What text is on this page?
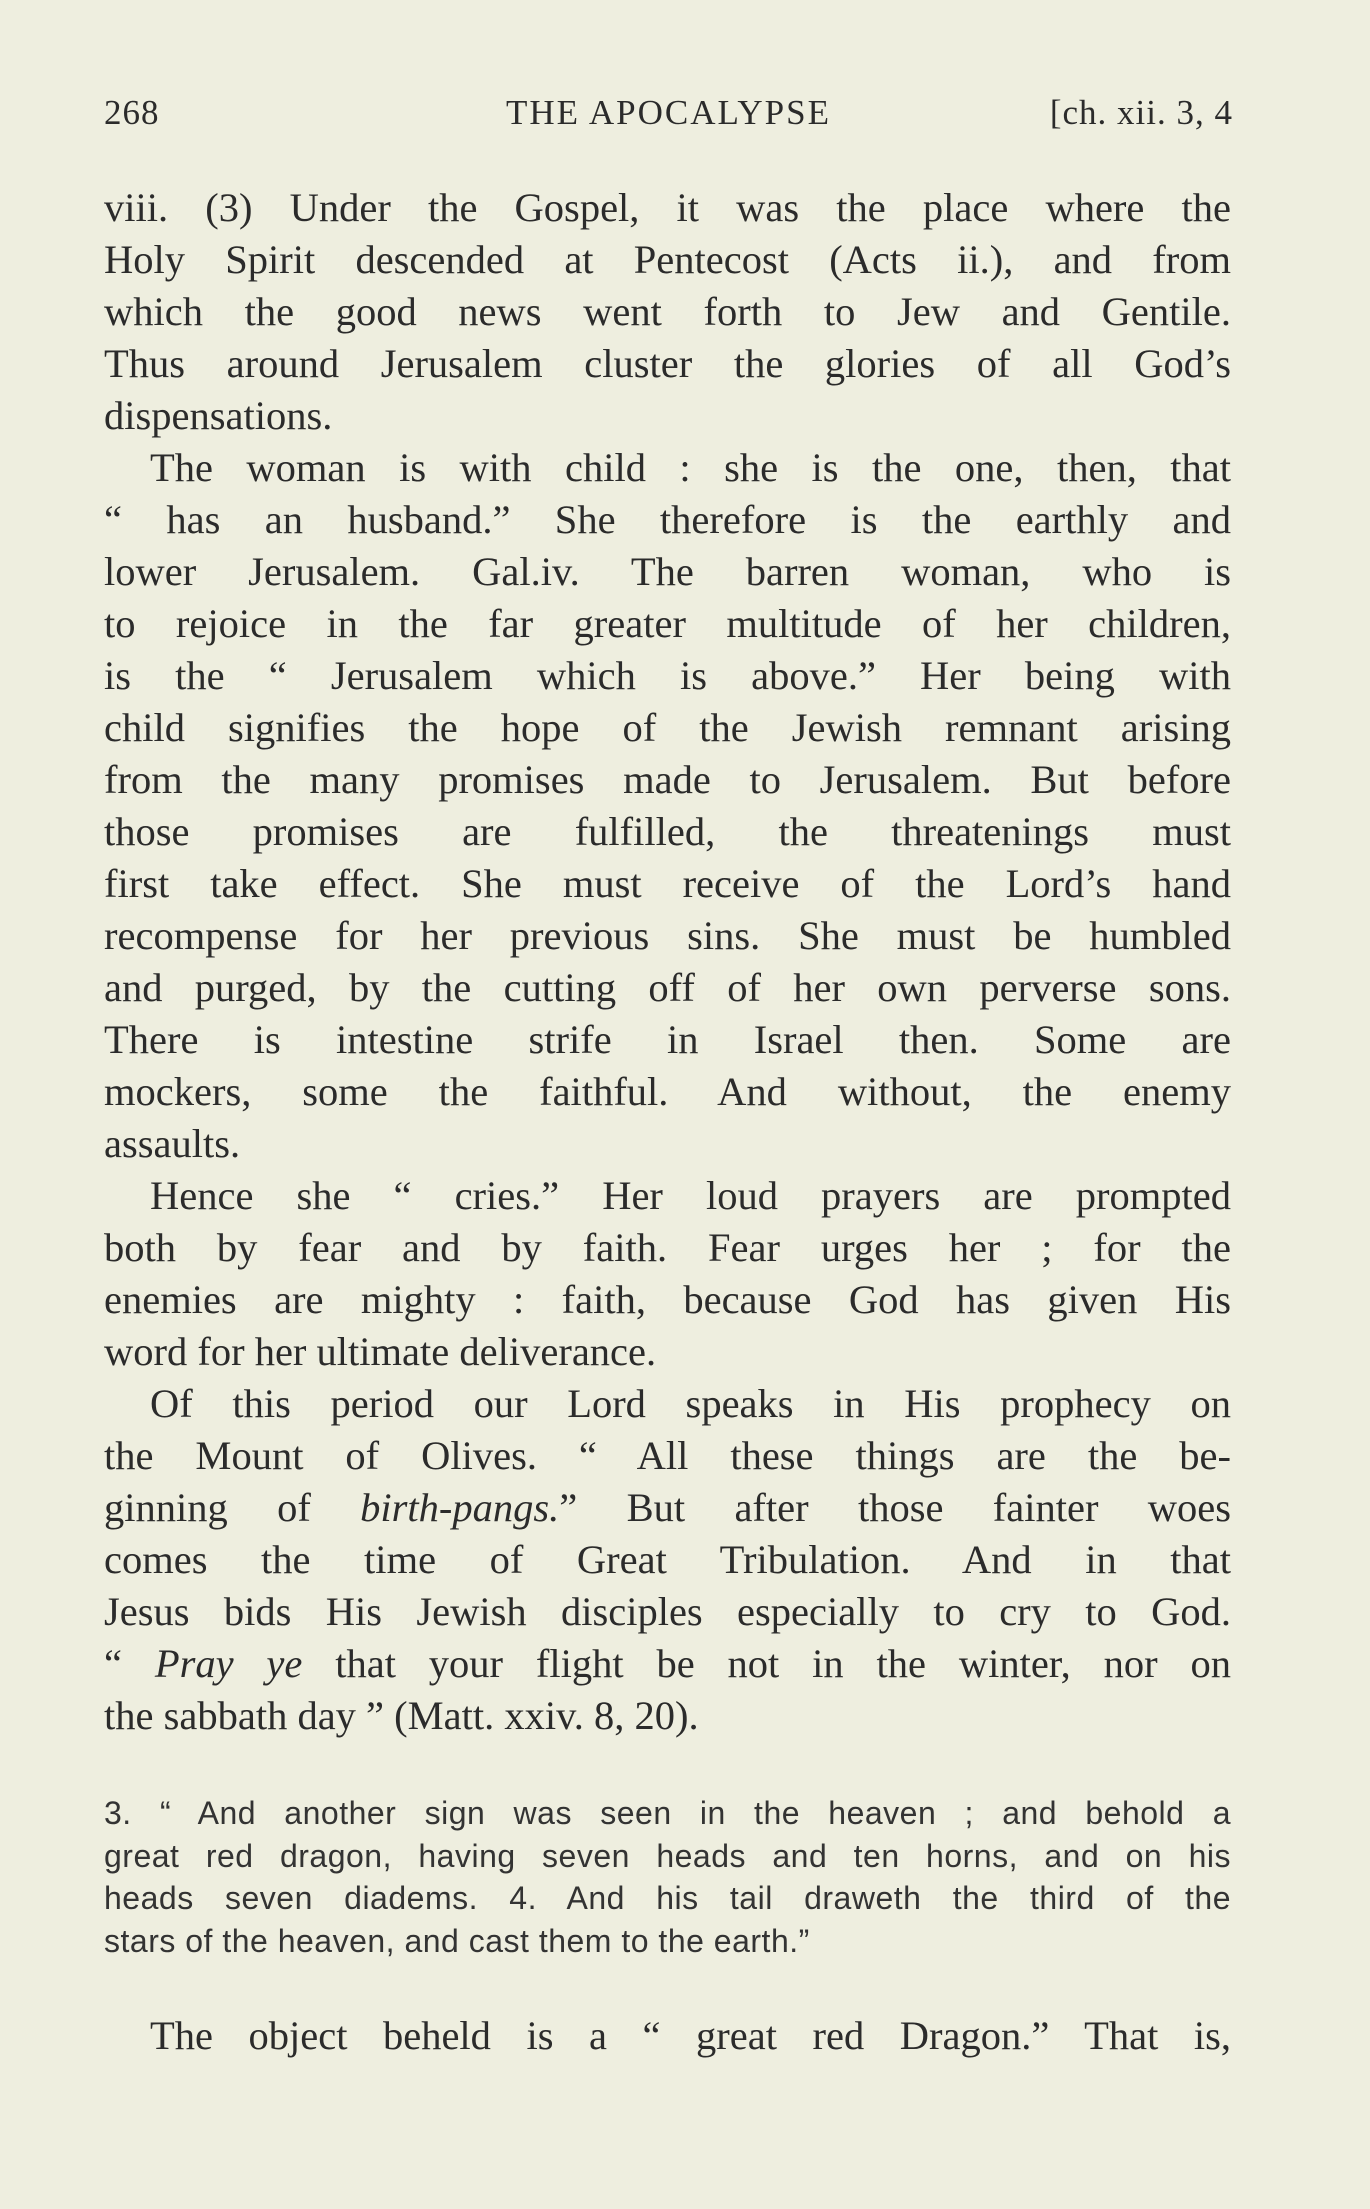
268	THE APOCALYPSE	[ch. xii. 3, 4
viii. (3) Under the Gospel, it was the place where the
Holy Spirit descended at Pentecost (Acts ii.), and from
which the good news went forth to Jew and Gentile.
Thus around Jerusalem cluster the glories of all God’s
dispensations.
The woman is with child : she is the one, then, that
“ has an husband.” She therefore is the earthly and
lower Jerusalem. Gal.iv. The barren woman, who is
to rejoice in the far greater multitude of her children,
is the “ Jerusalem which is above.” Her being with
child signifies the hope of the Jewish remnant arising
from the many promises made to Jerusalem. But before
those promises are fulfilled, the threatenings must
first take effect. She must receive of the Lord’s hand
recompense for her previous sins. She must be humbled
and purged, by the cutting off of her own perverse sons.
There is intestine strife in Israel then. Some are
mockers, some the faithful. And without, the enemy
assaults.
Hence she “ cries.” Her loud prayers are prompted
both by fear and by faith. Fear urges her ; for the
enemies are mighty : faith, because God has given His
word for her ultimate deliverance.
Of this period our Lord speaks in His prophecy on
the Mount of Olives. “ All these things are the be-
ginning of birth-pangs.” But after those fainter woes
comes the time of Great Tribulation. And in that
Jesus bids His Jewish disciples especially to cry to God.
“ Pray ye that your flight be not in the winter, nor on
the sabbath day ” (Matt. xxiv. 8, 20).
3. “ And another sign was seen in the heaven ; and behold a
great red dragon, having seven heads and ten horns, and on his
heads seven diadems. 4. And his tail draweth the third of the
stars of the heaven, and cast them to the earth.”
The object beheld is a “ great red Dragon.” That is,
